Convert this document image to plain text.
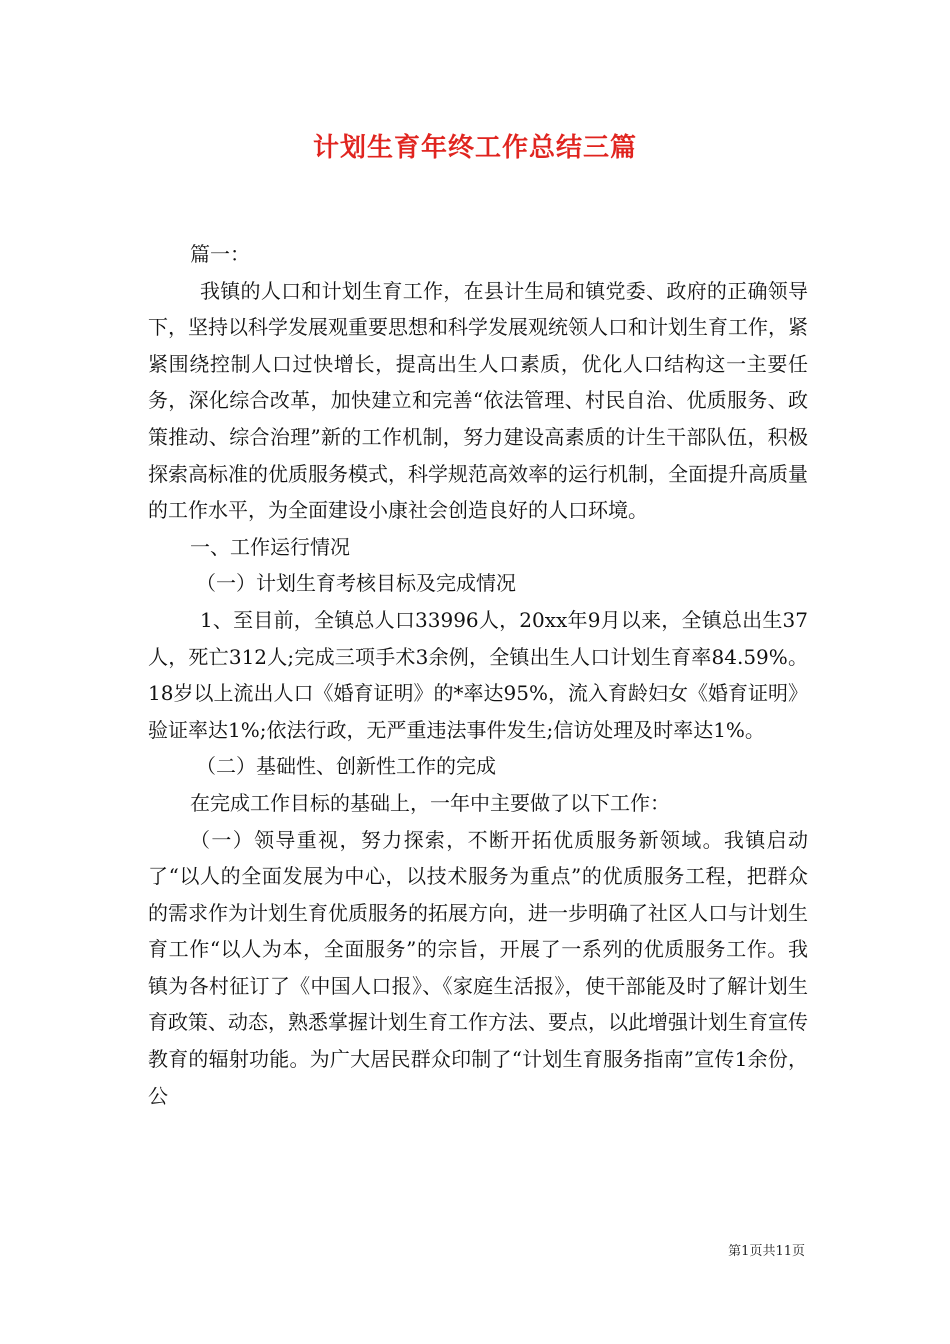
计划生育年终工作总结三篇

篇一：

我镇的人口和计划生育工作，在县计生局和镇党委、政府的正确领导下，坚持以科学发展观重要思想和科学发展观统领人口和计划生育工作，紧紧围绕控制人口过快增长，提高出生人口素质，优化人口结构这一主要任务，深化综合改革，加快建立和完善“依法管理、村民自治、优质服务、政策推动、综合治理”新的工作机制，努力建设高素质的计生干部队伍，积极探索高标准的优质服务模式，科学规范高效率的运行机制，全面提升高质量的工作水平，为全面建设小康社会创造良好的人口环境。

一、工作运行情况

（一）计划生育考核目标及完成情况

1、至目前，全镇总人口33996人，20xx年9月以来，全镇总出生37人，死亡312人;完成三项手术3余例，全镇出生人口计划生育率84.59%。18岁以上流出人口《婚育证明》的*率达95%，流入育龄妇女《婚育证明》验证率达1%;依法行政，无严重违法事件发生;信访处理及时率达1%。

（二）基础性、创新性工作的完成

在完成工作目标的基础上，一年中主要做了以下工作：

（一）领导重视，努力探索，不断开拓优质服务新领域。我镇启动了“以人的全面发展为中心，以技术服务为重点”的优质服务工程，把群众的需求作为计划生育优质服务的拓展方向，进一步明确了社区人口与计划生育工作“以人为本，全面服务”的宗旨，开展了一系列的优质服务工作。我镇为各村征订了《中国人口报》、《家庭生活报》，使干部能及时了解计划生育政策、动态，熟悉掌握计划生育工作方法、要点，以此增强计划生育宣传教育的辐射功能。为广大居民群众印制了“计划生育服务指南”宣传1余份，公

第1页共11页
